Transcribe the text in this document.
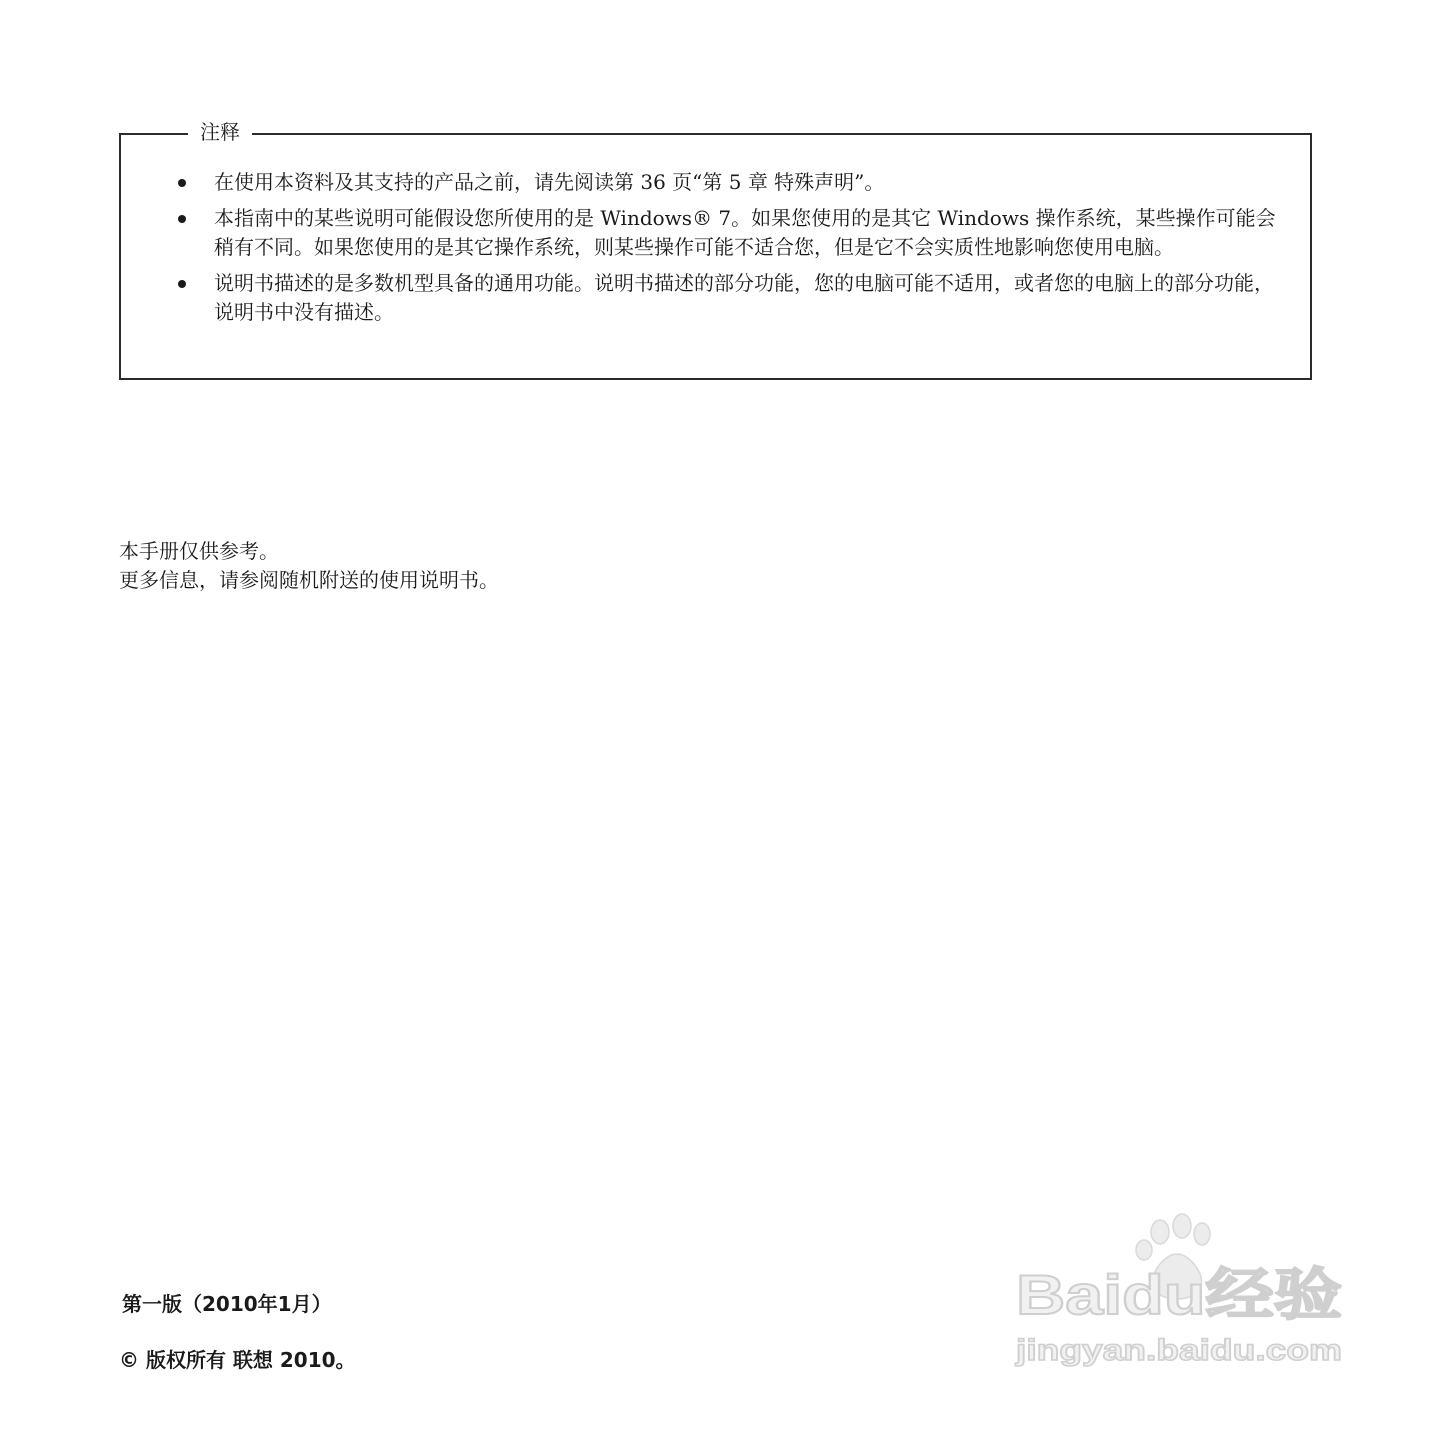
注释
在使用本资料及其支持的产品之前，请先阅读第 36 页“第 5 章 特殊声明”。
本指南中的某些说明可能假设您所使用的是 Windows® 7。如果您使用的是其它 Windows 操作系统，某些操作可能会稍有不同。如果您使用的是其它操作系统，则某些操作可能不适合您，但是它不会实质性地影响您使用电脑。
说明书描述的是多数机型具备的通用功能。说明书描述的部分功能，您的电脑可能不适用，或者您的电脑上的部分功能，说明书中没有描述。

本手册仅供参考。

更多信息，请参阅随机附送的使用说明书。

第一版（2010年1月）
© 版权所有 联想 2010。
Baidu经验
jingyan.baidu.com
